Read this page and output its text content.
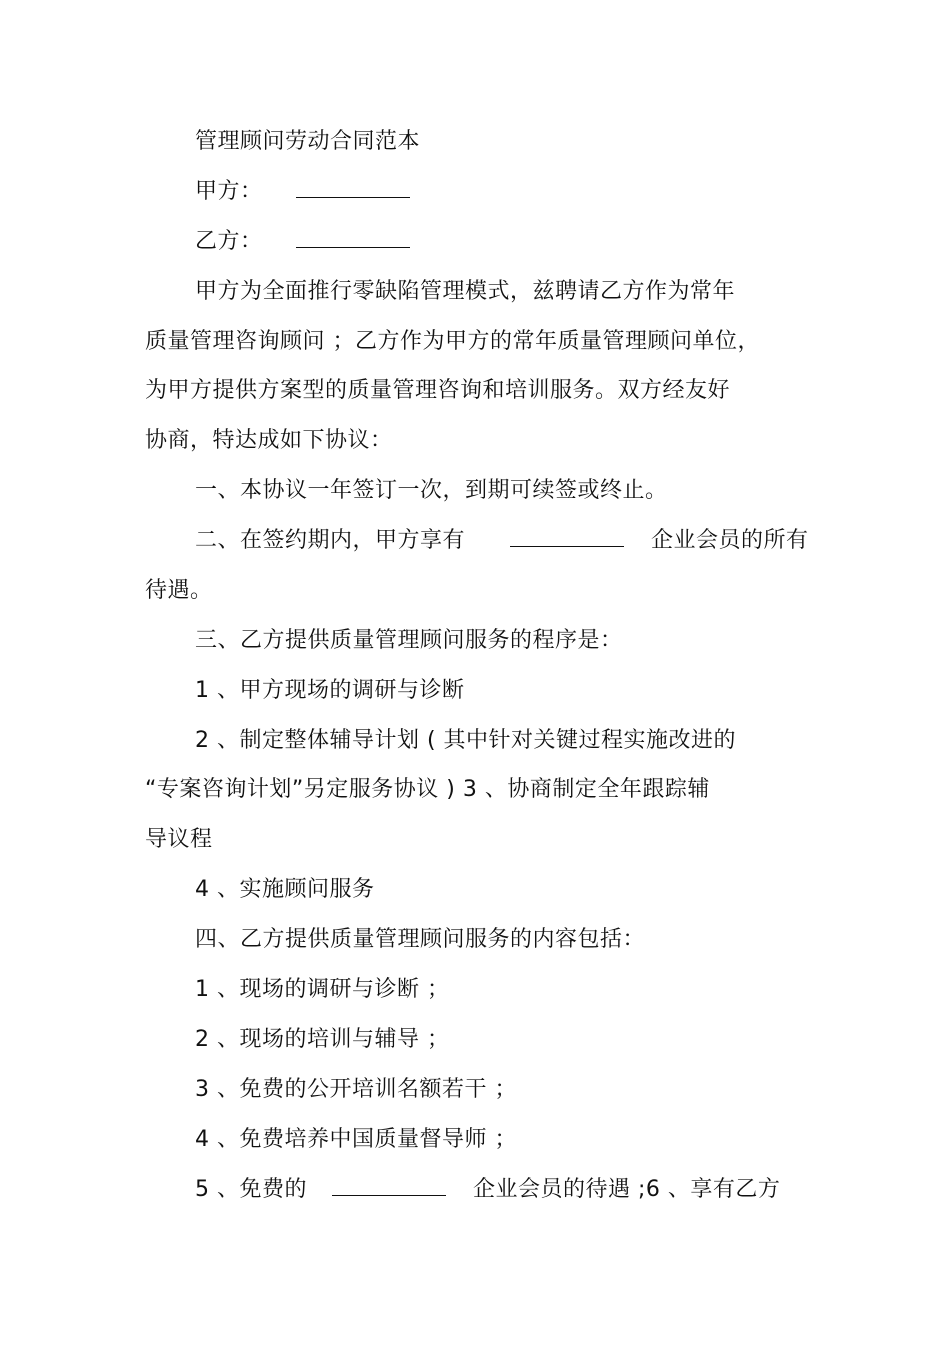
管理顾问劳动合同范本
甲方：
乙方：
甲方为全面推行零缺陷管理模式，兹聘请乙方作为常年
质量管理咨询顾问 ；乙方作为甲方的常年质量管理顾问单位，
为甲方提供方案型的质量管理咨询和培训服务。双方经友好
协商，特达成如下协议：
一、本协议一年签订一次，到期可续签或终止。
二、在签约期内，甲方享有	企业会员的所有
待遇。
三、乙方提供质量管理顾问服务的程序是：
1 、甲方现场的调研与诊断
2 、制定整体辅导计划 ( 其中针对关键过程实施改进的
“专案咨询计划”另定服务协议 ) 3 、协商制定全年跟踪辅
导议程
4 、实施顾问服务
四、乙方提供质量管理顾问服务的内容包括：
1 、现场的调研与诊断 ；
2 、现场的培训与辅导 ；
3 、免费的公开培训名额若干 ；
4 、免费培养中国质量督导师 ；
5 、免费的	企业会员的待遇 ;6 、享有乙方
